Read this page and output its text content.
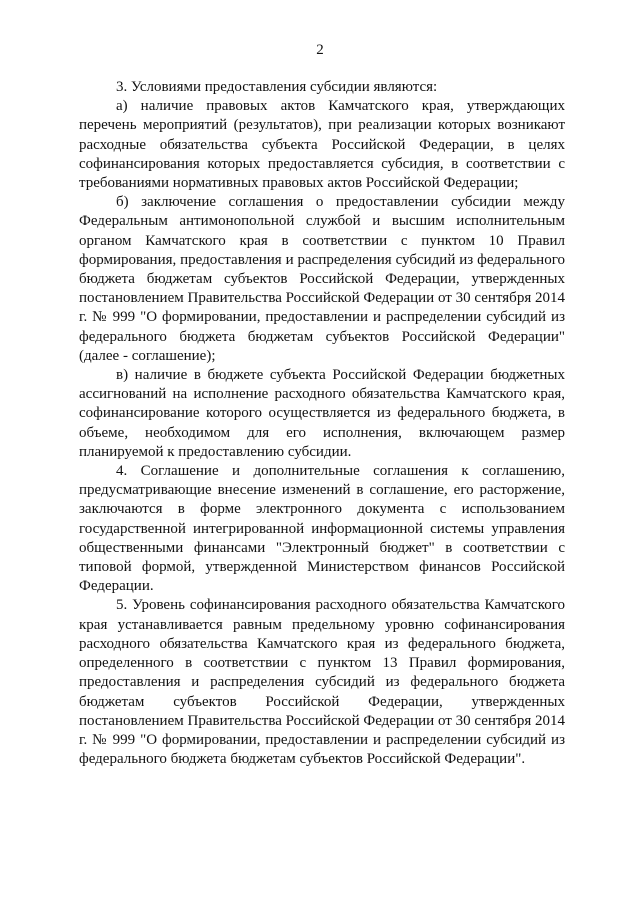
2

3. Условиями предоставления субсидии являются:

а) наличие правовых актов Камчатского края, утверждающих перечень мероприятий (результатов), при реализации которых возникают расходные обязательства субъекта Российской Федерации, в целях софинансирования которых предоставляется субсидия, в соответствии с требованиями нормативных правовых актов Российской Федерации;

б) заключение соглашения о предоставлении субсидии между Федеральным антимонопольной службой и высшим исполнительным органом Камчатского края в соответствии с пунктом 10 Правил формирования, предоставления и распределения субсидий из федерального бюджета бюджетам субъектов Российской Федерации, утвержденных постановлением Правительства Российской Федерации от 30 сентября 2014 г. № 999 "О формировании, предоставлении и распределении субсидий из федерального бюджета бюджетам субъектов Российской Федерации" (далее - соглашение);

в) наличие в бюджете субъекта Российской Федерации бюджетных ассигнований на исполнение расходного обязательства Камчатского края, софинансирование которого осуществляется из федерального бюджета, в объеме, необходимом для его исполнения, включающем размер планируемой к предоставлению субсидии.

4. Соглашение и дополнительные соглашения к соглашению, предусматривающие внесение изменений в соглашение, его расторжение, заключаются в форме электронного документа с использованием государственной интегрированной информационной системы управления общественными финансами "Электронный бюджет" в соответствии с типовой формой, утвержденной Министерством финансов Российской Федерации.

5. Уровень софинансирования расходного обязательства Камчатского края устанавливается равным предельному уровню софинансирования расходного обязательства Камчатского края из федерального бюджета, определенного в соответствии с пунктом 13 Правил формирования, предоставления и распределения субсидий из федерального бюджета бюджетам субъектов Российской Федерации, утвержденных постановлением Правительства Российской Федерации от 30 сентября 2014 г. № 999 "О формировании, предоставлении и распределении субсидий из федерального бюджета бюджетам субъектов Российской Федерации".
